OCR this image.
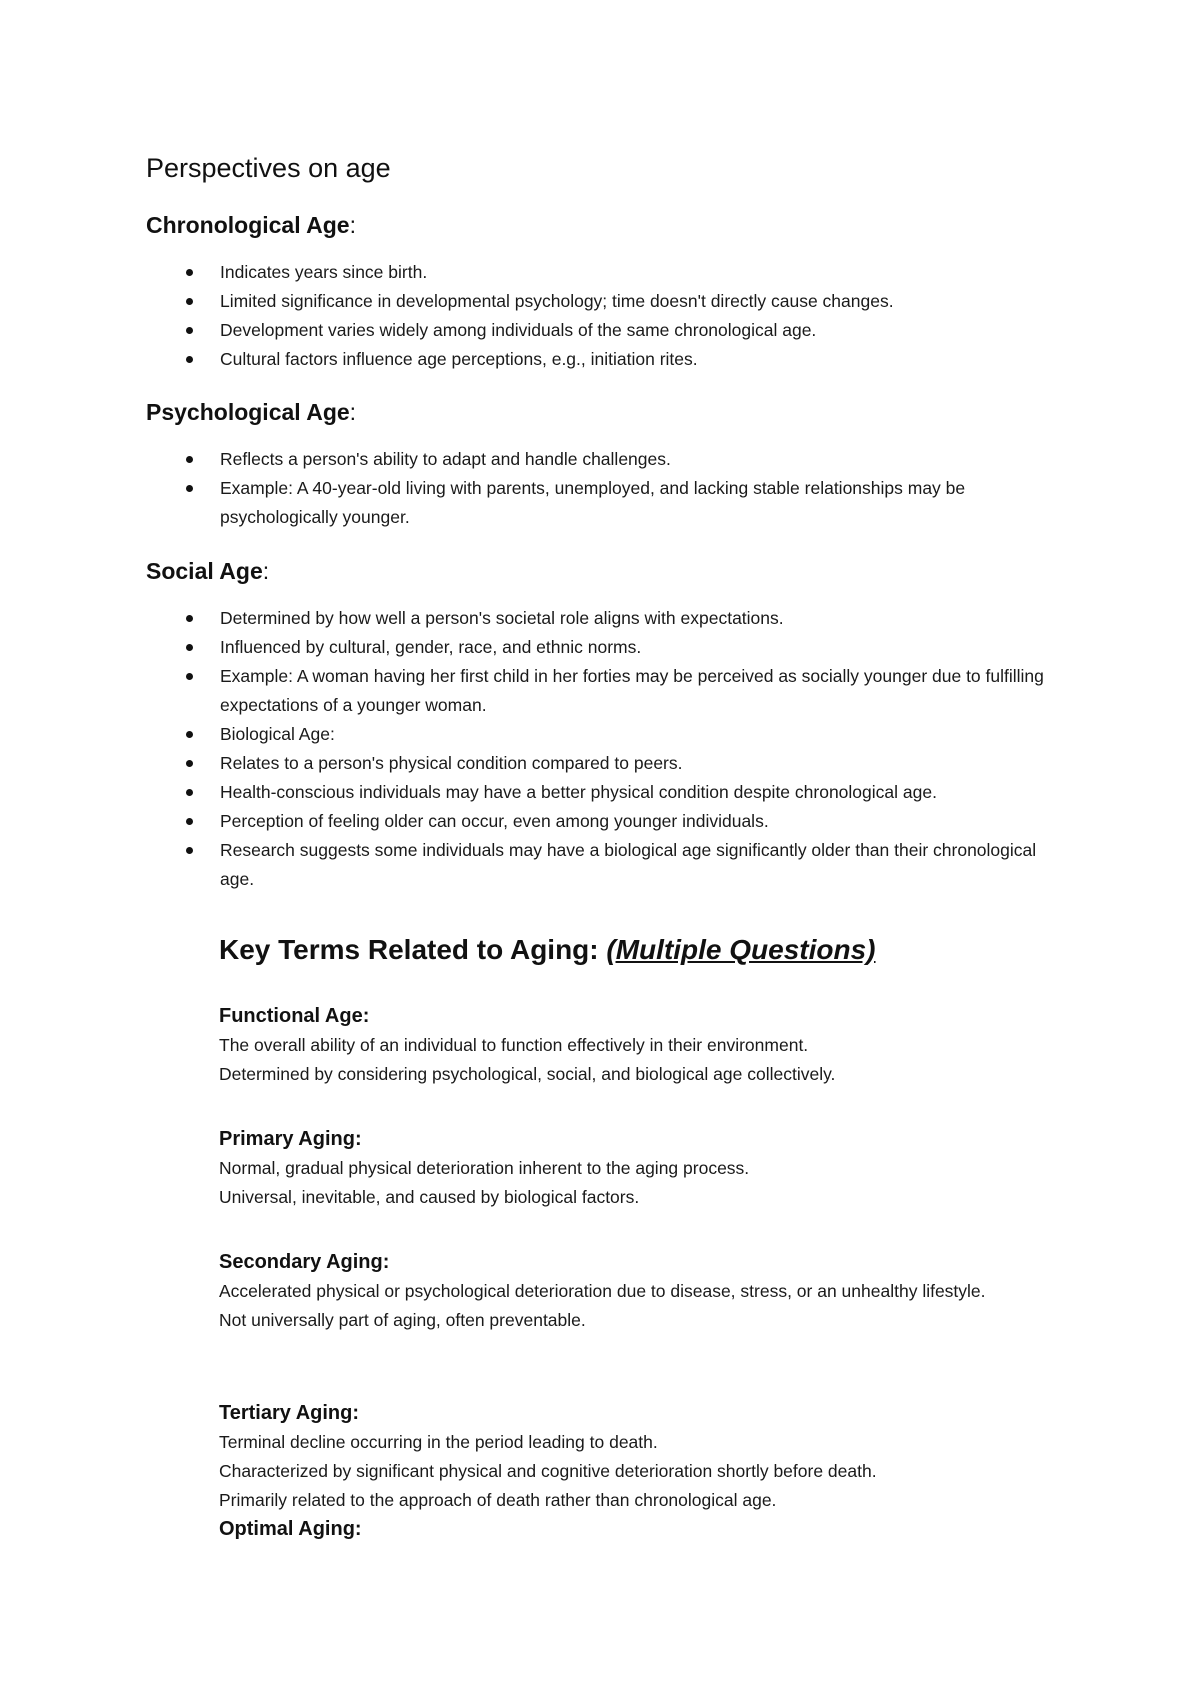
Perspectives on age
Chronological Age:
Indicates years since birth.
Limited significance in developmental psychology; time doesn't directly cause changes.
Development varies widely among individuals of the same chronological age.
Cultural factors influence age perceptions, e.g., initiation rites.
Psychological Age:
Reflects a person's ability to adapt and handle challenges.
Example: A 40-year-old living with parents, unemployed, and lacking stable relationships may be psychologically younger.
Social Age:
Determined by how well a person's societal role aligns with expectations.
Influenced by cultural, gender, race, and ethnic norms.
Example: A woman having her first child in her forties may be perceived as socially younger due to fulfilling expectations of a younger woman.
Biological Age:
Relates to a person's physical condition compared to peers.
Health-conscious individuals may have a better physical condition despite chronological age.
Perception of feeling older can occur, even among younger individuals.
Research suggests some individuals may have a biological age significantly older than their chronological age.
Key Terms Related to Aging: (Multiple Questions)
Functional Age:
The overall ability of an individual to function effectively in their environment.
Determined by considering psychological, social, and biological age collectively.
Primary Aging:
Normal, gradual physical deterioration inherent to the aging process.
Universal, inevitable, and caused by biological factors.
Secondary Aging:
Accelerated physical or psychological deterioration due to disease, stress, or an unhealthy lifestyle.
Not universally part of aging, often preventable.
Tertiary Aging:
Terminal decline occurring in the period leading to death.
Characterized by significant physical and cognitive deterioration shortly before death.
Primarily related to the approach of death rather than chronological age.
Optimal Aging:
